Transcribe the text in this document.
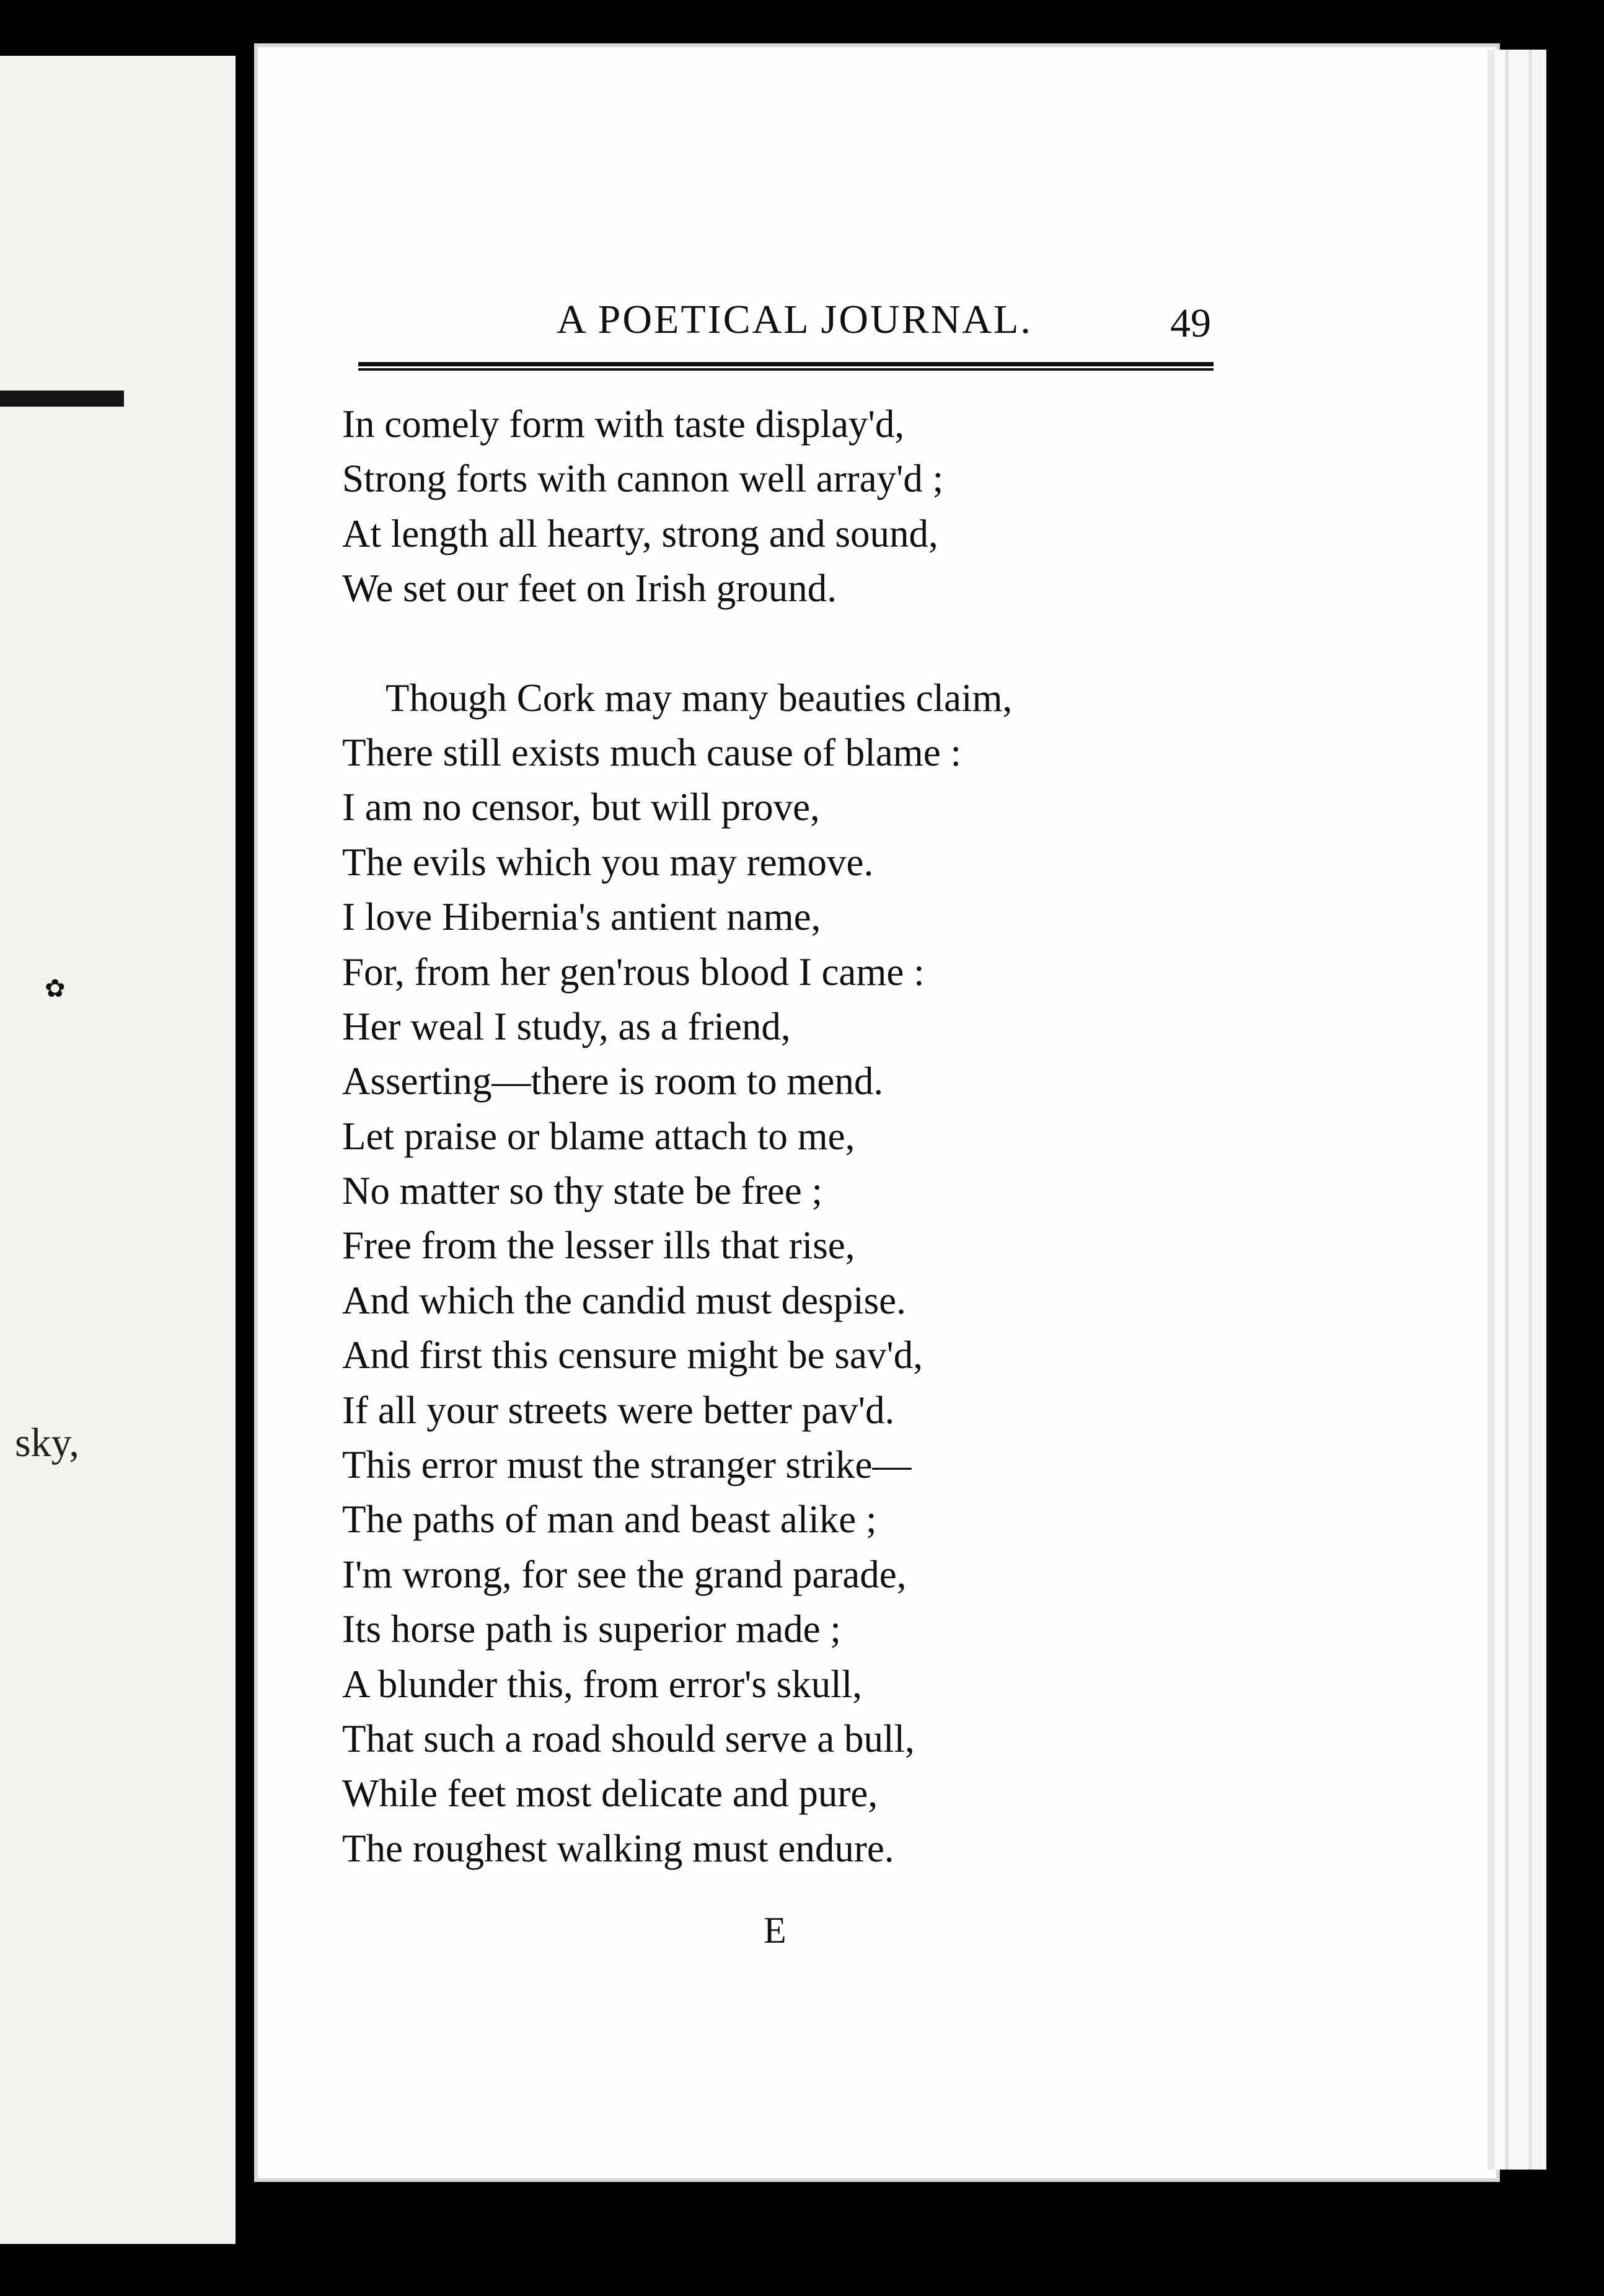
✿
sky,
A POETICAL JOURNAL.	49
In comely form with taste display'd,
Strong forts with cannon well array'd ;
At length all hearty, strong and sound,
We set our feet on Irish ground.
Though Cork may many beauties claim,
There still exists much cause of blame :
I am no censor, but will prove,
The evils which you may remove.
I love Hibernia's antient name,
For, from her gen'rous blood I came :
Her weal I study, as a friend,
Asserting—there is room to mend.
Let praise or blame attach to me,
No matter so thy state be free ;
Free from the lesser ills that rise,
And which the candid must despise.
And first this censure might be sav'd,
If all your streets were better pav'd.
This error must the stranger strike—
The paths of man and beast alike ;
I'm wrong, for see the grand parade,
Its horse path is superior made ;
A blunder this, from error's skull,
That such a road should serve a bull,
While feet most delicate and pure,
The roughest walking must endure.
E
